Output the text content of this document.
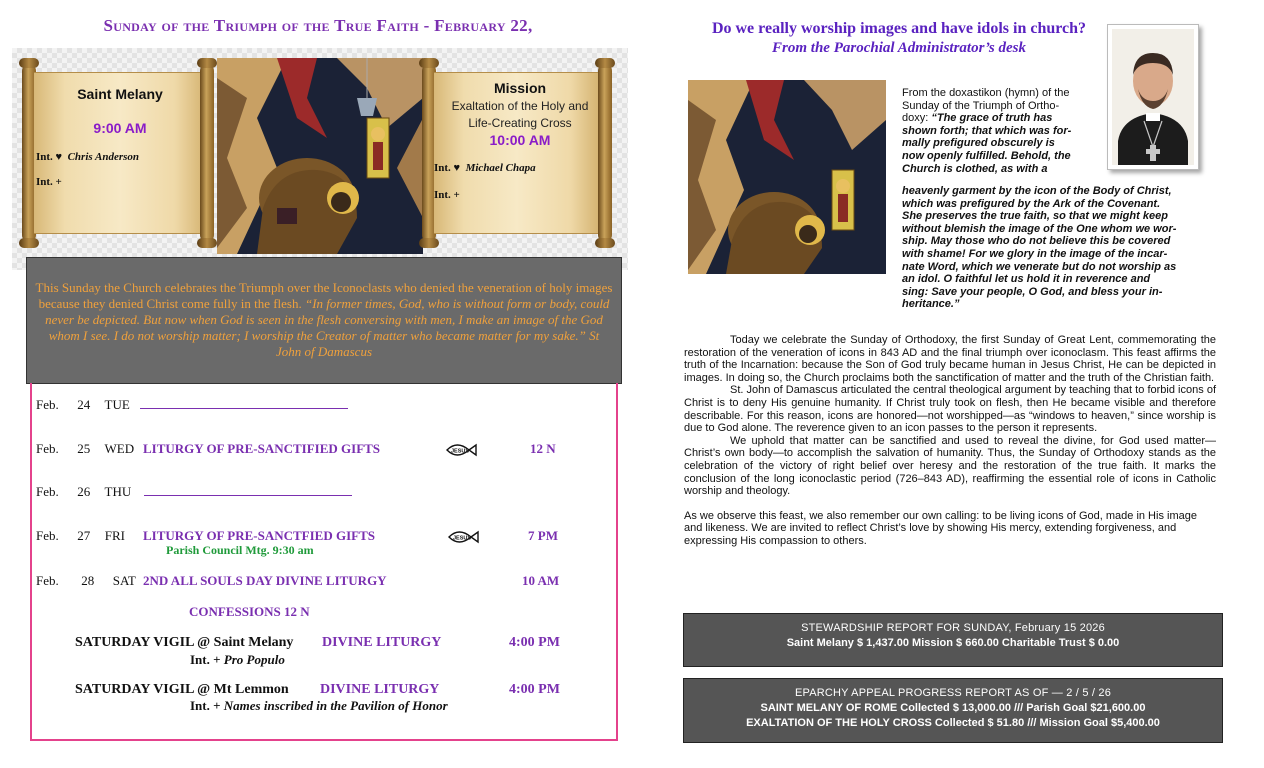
Sunday of the Triumph of the True Faith - February 22,
Saint Melany
9:00 AM
Int. ♥ Chris Anderson
Int. +
Mission
Exaltation of the Holy and
Life-Creating Cross
10:00 AM
Int. ♥ Michael Chapa
Int. +
This Sunday the Church celebrates the Triumph over the Iconoclasts who denied the veneration of holy images because they denied Christ come fully in the flesh. “In former times, God, who is without form or body, could never be depicted. But now when God is seen in the flesh conversing with men, I make an image of the God whom I see. I do not worship matter; I worship the Creator of matter who became matter for my sake.” St John of Damascus
Feb. 24 TUE
Feb. 25 WED LITURGY OF PRE-SANCTIFIED GIFTS	JESUS	12 N
Feb. 26 THU
Feb. 27 FRI LITURGY OF PRE-SANCTFIED GIFTS	JESUS	7 PM
Parish Council Mtg. 9:30 am
Feb. 28 SAT 2ND ALL SOULS DAY DIVINE LITURGY	10 AM
CONFESSIONS 12 N
SATURDAY VIGIL @ Saint Melany DIVINE LITURGY	4:00 PM
Int. + Pro Populo
SATURDAY VIGIL @ Mt Lemmon DIVINE LITURGY	4:00 PM
Int. + Names inscribed in the Pavilion of Honor
Do we really worship images and have idols in church?
From the Parochial Administrator’s desk
From the doxastikon (hymn) of the
Sunday of the Triumph of Ortho-
doxy: “The grace of truth has
shown forth; that which was for-
mally prefigured obscurely is
now openly fulfilled. Behold, the
Church is clothed, as with a
heavenly garment by the icon of the Body of Christ,
which was prefigured by the Ark of the Covenant.
She preserves the true faith, so that we might keep
without blemish the image of the One whom we wor-
ship. May those who do not believe this be covered
with shame! For we glory in the image of the incar-
nate Word, which we venerate but do not worship as
an idol. O faithful let us hold it in reverence and
sing: Save your people, O God, and bless your in-
heritance.”

Today we celebrate the Sunday of Orthodoxy, the first Sunday of Great Lent, commemorating the restoration of the veneration of icons in 843 AD and the final triumph over iconoclasm. This feast affirms the truth of the Incarnation: because the Son of God truly became human in Jesus Christ, He can be depicted in images. In doing so, the Church proclaims both the sanctification of matter and the truth of the Christian faith.

St. John of Damascus articulated the central theological argument by teaching that to forbid icons of Christ is to deny His genuine humanity. If Christ truly took on flesh, then He became visible and therefore describable. For this reason, icons are honored—not worshipped—as “windows to heaven,” since worship is due to God alone. The reverence given to an icon passes to the person it represents.

We uphold that matter can be sanctified and used to reveal the divine, for God used matter—Christ’s own body—to accomplish the salvation of humanity. Thus, the Sunday of Orthodoxy stands as the celebration of the victory of right belief over heresy and the restoration of the true faith. It marks the conclusion of the long iconoclastic period (726–843 AD), reaffirming the essential role of icons in Catholic worship and theology.

As we observe this feast, we also remember our own calling: to be living icons of God, made in His image and likeness. We are invited to reflect Christ’s love by showing His mercy, extending forgiveness, and expressing His compassion to others.

STEWARDSHIP REPORT FOR SUNDAY, February 15 2026
Saint Melany $ 1,437.00 Mission $ 660.00 Charitable Trust $ 0.00
EPARCHY APPEAL PROGRESS REPORT AS OF — 2 / 5 / 26
SAINT MELANY OF ROME Collected $ 13,000.00 /// Parish Goal $21,600.00
EXALTATION OF THE HOLY CROSS Collected $ 51.80 /// Mission Goal $5,400.00
